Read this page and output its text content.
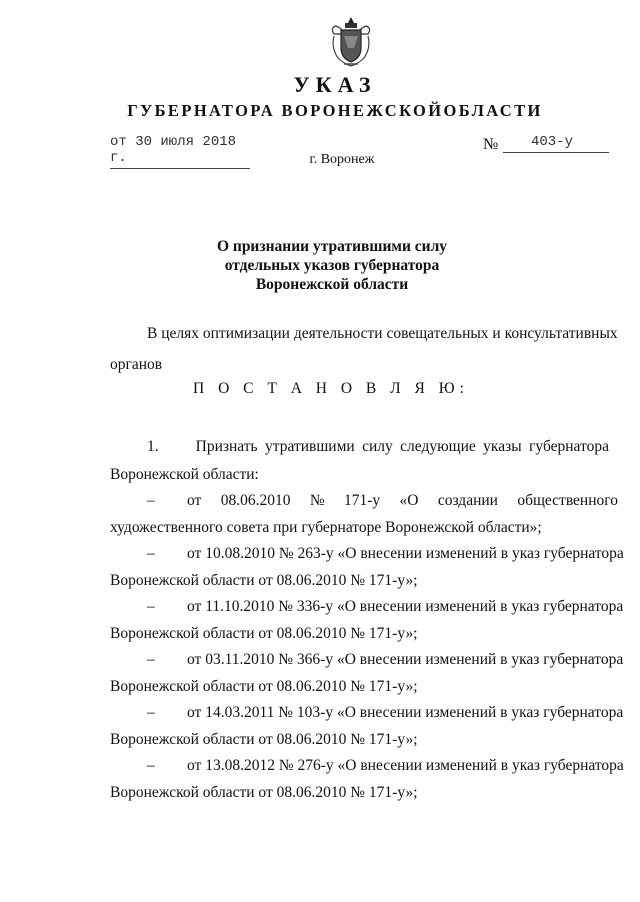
УКАЗ
ГУБЕРНАТОРА ВОРОНЕЖСКОЙОБЛАСТИ
от 30 июля 2018 г.
№	403-у
г. Воронеж
О признании утратившими силу
отдельных указов губернатора
Воронежской области
В целях оптимизации деятельности совещательных и консультативных
органов
П О С Т А Н О В Л Я Ю:
1.     Признать утратившими силу следующие указы губернатора
Воронежской области:
– от     08.06.2010     №     171-у     «О     создании     общественного
художественного совета при губернаторе Воронежской области»;
– от 10.08.2010 № 263-у «О внесении изменений в указ губернатора
Воронежской области от 08.06.2010 № 171-у»;
– от 11.10.2010 № 336-у «О внесении изменений в указ губернатора
Воронежской области от 08.06.2010 № 171-у»;
– от 03.11.2010 № 366-у «О внесении изменений в указ губернатора
Воронежской области от 08.06.2010 № 171-у»;
– от 14.03.2011 № 103-у «О внесении изменений в указ губернатора
Воронежской области от 08.06.2010 № 171-у»;
– от 13.08.2012 № 276-у «О внесении изменений в указ губернатора
Воронежской области от 08.06.2010 № 171-у»;
